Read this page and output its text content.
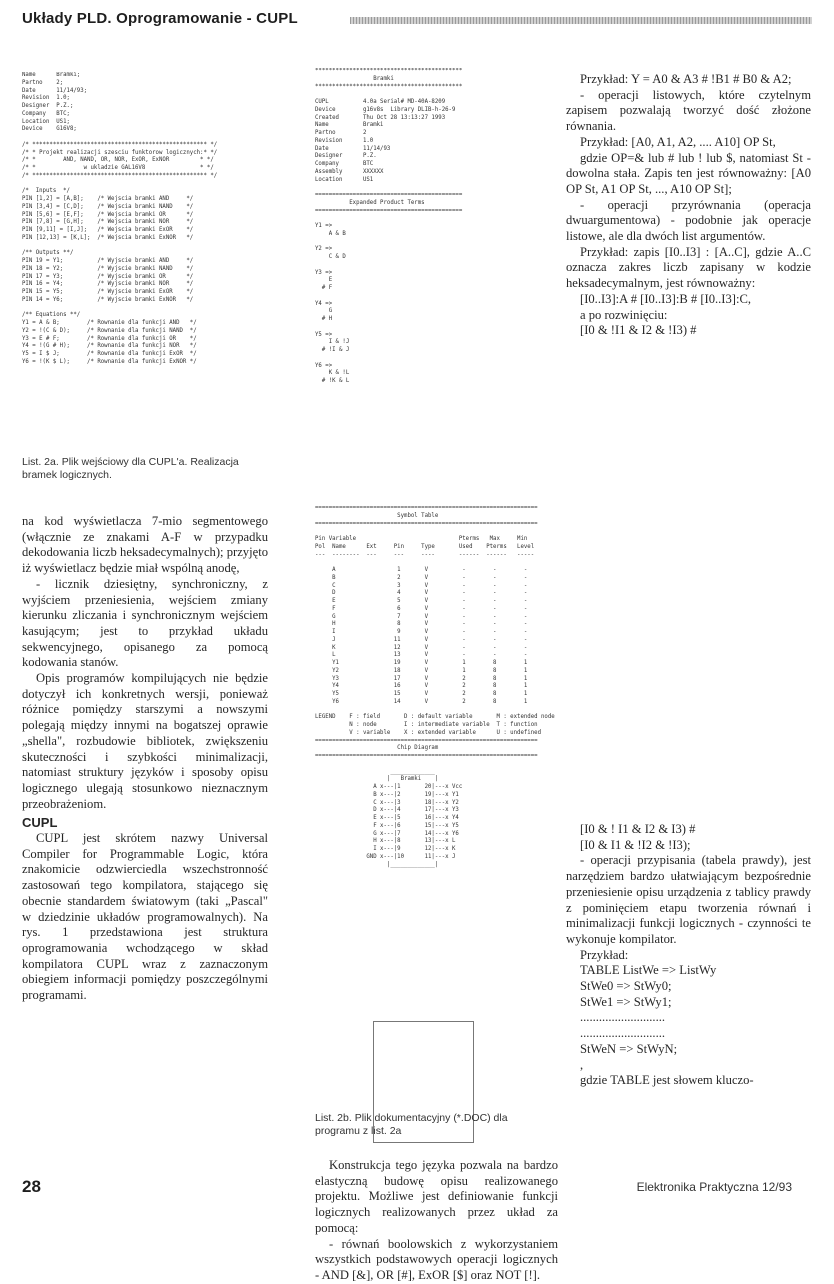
Układy PLD. Oprogramowanie - CUPL
Name      Bramki;
Partno    2;
Date      11/14/93;
Revision  1.0;
Designer  P.Z.;
Company   BTC;
Location  US1;
Device    G16V8;

/* *************************************************** */
/* * Projekt realizacji szesciu funktorow logicznych:* */
/* *        AND, NAND, OR, NOR, ExOR, ExNOR         * */
/* *              w ukladzie GAL16V8                * */
/* *************************************************** */

/*  Inputs  */
PIN [1,2] = [A,B];    /* Wejscia bramki AND     */
PIN [3,4] = [C,D];    /* Wejscia bramki NAND    */
PIN [5,6] = [E,F];    /* Wejscia bramki OR      */
PIN [7,8] = [G,H];    /* Wejscia bramki NOR     */
PIN [9,11] = [I,J];   /* Wejscia bramki ExOR    */
PIN [12,13] = [K,L];  /* Wejscia bramki ExNOR   */

/** Outputs **/
PIN 19 = Y1;          /* Wyjscie bramki AND     */
PIN 18 = Y2;          /* Wyjscie bramki NAND    */
PIN 17 = Y3;          /* Wyjscie bramki OR      */
PIN 16 = Y4;          /* Wyjscie bramki NOR     */
PIN 15 = Y5;          /* Wyjscie bramki ExOR    */
PIN 14 = Y6;          /* Wyjscie bramki ExNOR   */

/** Equations **/
Y1 = A & B;        /* Rownanie dla funkcji AND   */
Y2 = !(C & D);     /* Rownanie dla funkcji NAND  */
Y3 = E # F;        /* Rownanie dla funkcji OR    */
Y4 = !(G # H);     /* Rownanie dla funkcji NOR   */
Y5 = I $ J;        /* Rownanie dla funkcji ExOR  */
Y6 = !(K $ L);     /* Rownanie dla funkcji ExNOR */
List. 2a. Plik wejściowy dla CUPL'a. Realizacja bramek logicznych.
*******************************************
Bramki
*******************************************

CUPL          4.0a Serial# MD-40A-8209
Device        g16v8s  Library DLIB-h-26-9
Created       Thu Oct 28 13:13:27 1993
Name          Bramki
Partno        2
Revision      1.0
Date          11/14/93
Designer      P.Z.
Company       BTC
Assembly      XXXXXX
Location      US1

===========================================
Expanded Product Terms
===========================================

Y1 =>
A & B

Y2 =>
C & D

Y3 =>
E
# F

Y4 =>
G
# H

Y5 =>
I & !J
# !I & J

Y6 =>
K & !L
# !K & L
=================================================================
Symbol Table
=================================================================

Pin Variable                              Pterms   Max     Min
Pol  Name      Ext     Pin     Type       Used    Pterms   Level
---  --------  ---     ---     ----       ------  ------   -----

A                  1       V          -        -        -
B                  2       V          -        -        -
C                  3       V          -        -        -
D                  4       V          -        -        -
E                  5       V          -        -        -
F                  6       V          -        -        -
G                  7       V          -        -        -
H                  8       V          -        -        -
I                  9       V          -        -        -
J                 11       V          -        -        -
K                 12       V          -        -        -
L                 13       V          -        -        -
Y1                19       V          1        8        1
Y2                18       V          1        8        1
Y3                17       V          2        8        1
Y4                16       V          2        8        1
Y5                15       V          2        8        1
Y6                14       V          2        8        1

LEGEND    F : field       D : default variable       M : extended node
N : node        I : intermediate variable  T : function
V : variable    X : extended variable      U : undefined
=================================================================
Chip Diagram
=================================================================

_____________
|   Bramki    |
A x---|1       20|---x Vcc
B x---|2       19|---x Y1
C x---|3       18|---x Y2
D x---|4       17|---x Y3
E x---|5       16|---x Y4
F x---|6       15|---x Y5
G x---|7       14|---x Y6
H x---|8       13|---x L
I x---|9       12|---x K
GND x---|10      11|---x J
|_____________|
List. 2b. Plik dokumentacyjny (*.DOC) dla programu z list. 2a

na kod wyświetlacza 7-mio segmentowego (włącznie ze znakami A-F w przypadku dekodowania liczb heksadecymalnych); przyjęto iż wyświetlacz będzie miał wspólną anodę,

- licznik dziesiętny, synchroniczny, z wyjściem przeniesienia, wejściem zmiany kierunku zliczania i synchronicznym wejściem kasującym; jest to przykład układu sekwencyjnego, opisanego za pomocą kodowania stanów.

Opis programów kompilujących nie będzie dotyczył ich konkretnych wersji, ponieważ różnice pomiędzy starszymi a nowszymi polegają między innymi na bogatszej oprawie „shella", rozbudowie bibliotek, zwiększeniu skuteczności i szybkości minimalizacji, natomiast struktury języków i sposoby opisu logicznego ulegają stosunkowo nieznacznym przeobrażeniom.

CUPL

CUPL jest skrótem nazwy Universal Compiler for Programmable Logic, która znakomicie odzwierciedla wszechstronność zastosowań tego kompilatora, stającego się obecnie standardem światowym (taki „Pascal" w dziedzinie układów programowalnych). Na rys. 1 przedstawiona jest struktura oprogramowania wchodzącego w skład kompilatora CUPL wraz z zaznaczonym obiegiem informacji pomiędzy poszczególnymi programami.

Konstrukcja tego języka pozwala na bardzo elastyczną budowę opisu realizowanego projektu. Możliwe jest definiowanie funkcji logicznych realizowanych przez układ za pomocą:

- równań boolowskich z wykorzystaniem wszystkich podstawowych operacji logicznych - AND [&], OR [#], ExOR [$] oraz NOT [!].

Przykład: Y = A0 & A3 # !B1 # B0 & A2;

- operacji listowych, które czytelnym zapisem pozwalają tworzyć dość złożone równania.

Przykład: [A0, A1, A2, .... A10] OP St,

gdzie OP=& lub # lub ! lub $, natomiast St - dowolna stała. Zapis ten jest równoważny: [A0 OP St, A1 OP St, ..., A10 OP St];

- operacji przyrównania (operacja dwuargumentowa) - podobnie jak operacje listowe, ale dla dwóch list argumentów.

Przykład: zapis [I0..I3] : [A..C], gdzie A..C oznacza zakres liczb zapisany w kodzie heksadecymalnym, jest równoważny:

[I0..I3]:A # [I0..I3]:B # [I0..I3]:C,

a po rozwinięciu:

[I0 & !I1 & I2 & !I3) #

[I0 & ! I1 & I2 & I3) #

[I0 & I1 & !I2 & !I3);

- operacji przypisania (tabela prawdy), jest narzędziem bardzo ułatwiającym bezpośrednie przeniesienie opisu urządzenia z tablicy prawdy z pominięciem etapu tworzenia równań i minimalizacji funkcji logicznych - czynności te wykonuje kompilator.

Przykład:

TABLE ListWe => ListWy

StWe0 => StWy0;

StWe1 => StWy1;

...........................

...........................

StWeN => StWyN;

,

gdzie TABLE jest słowem kluczo-

28	Elektronika Praktyczna 12/93
